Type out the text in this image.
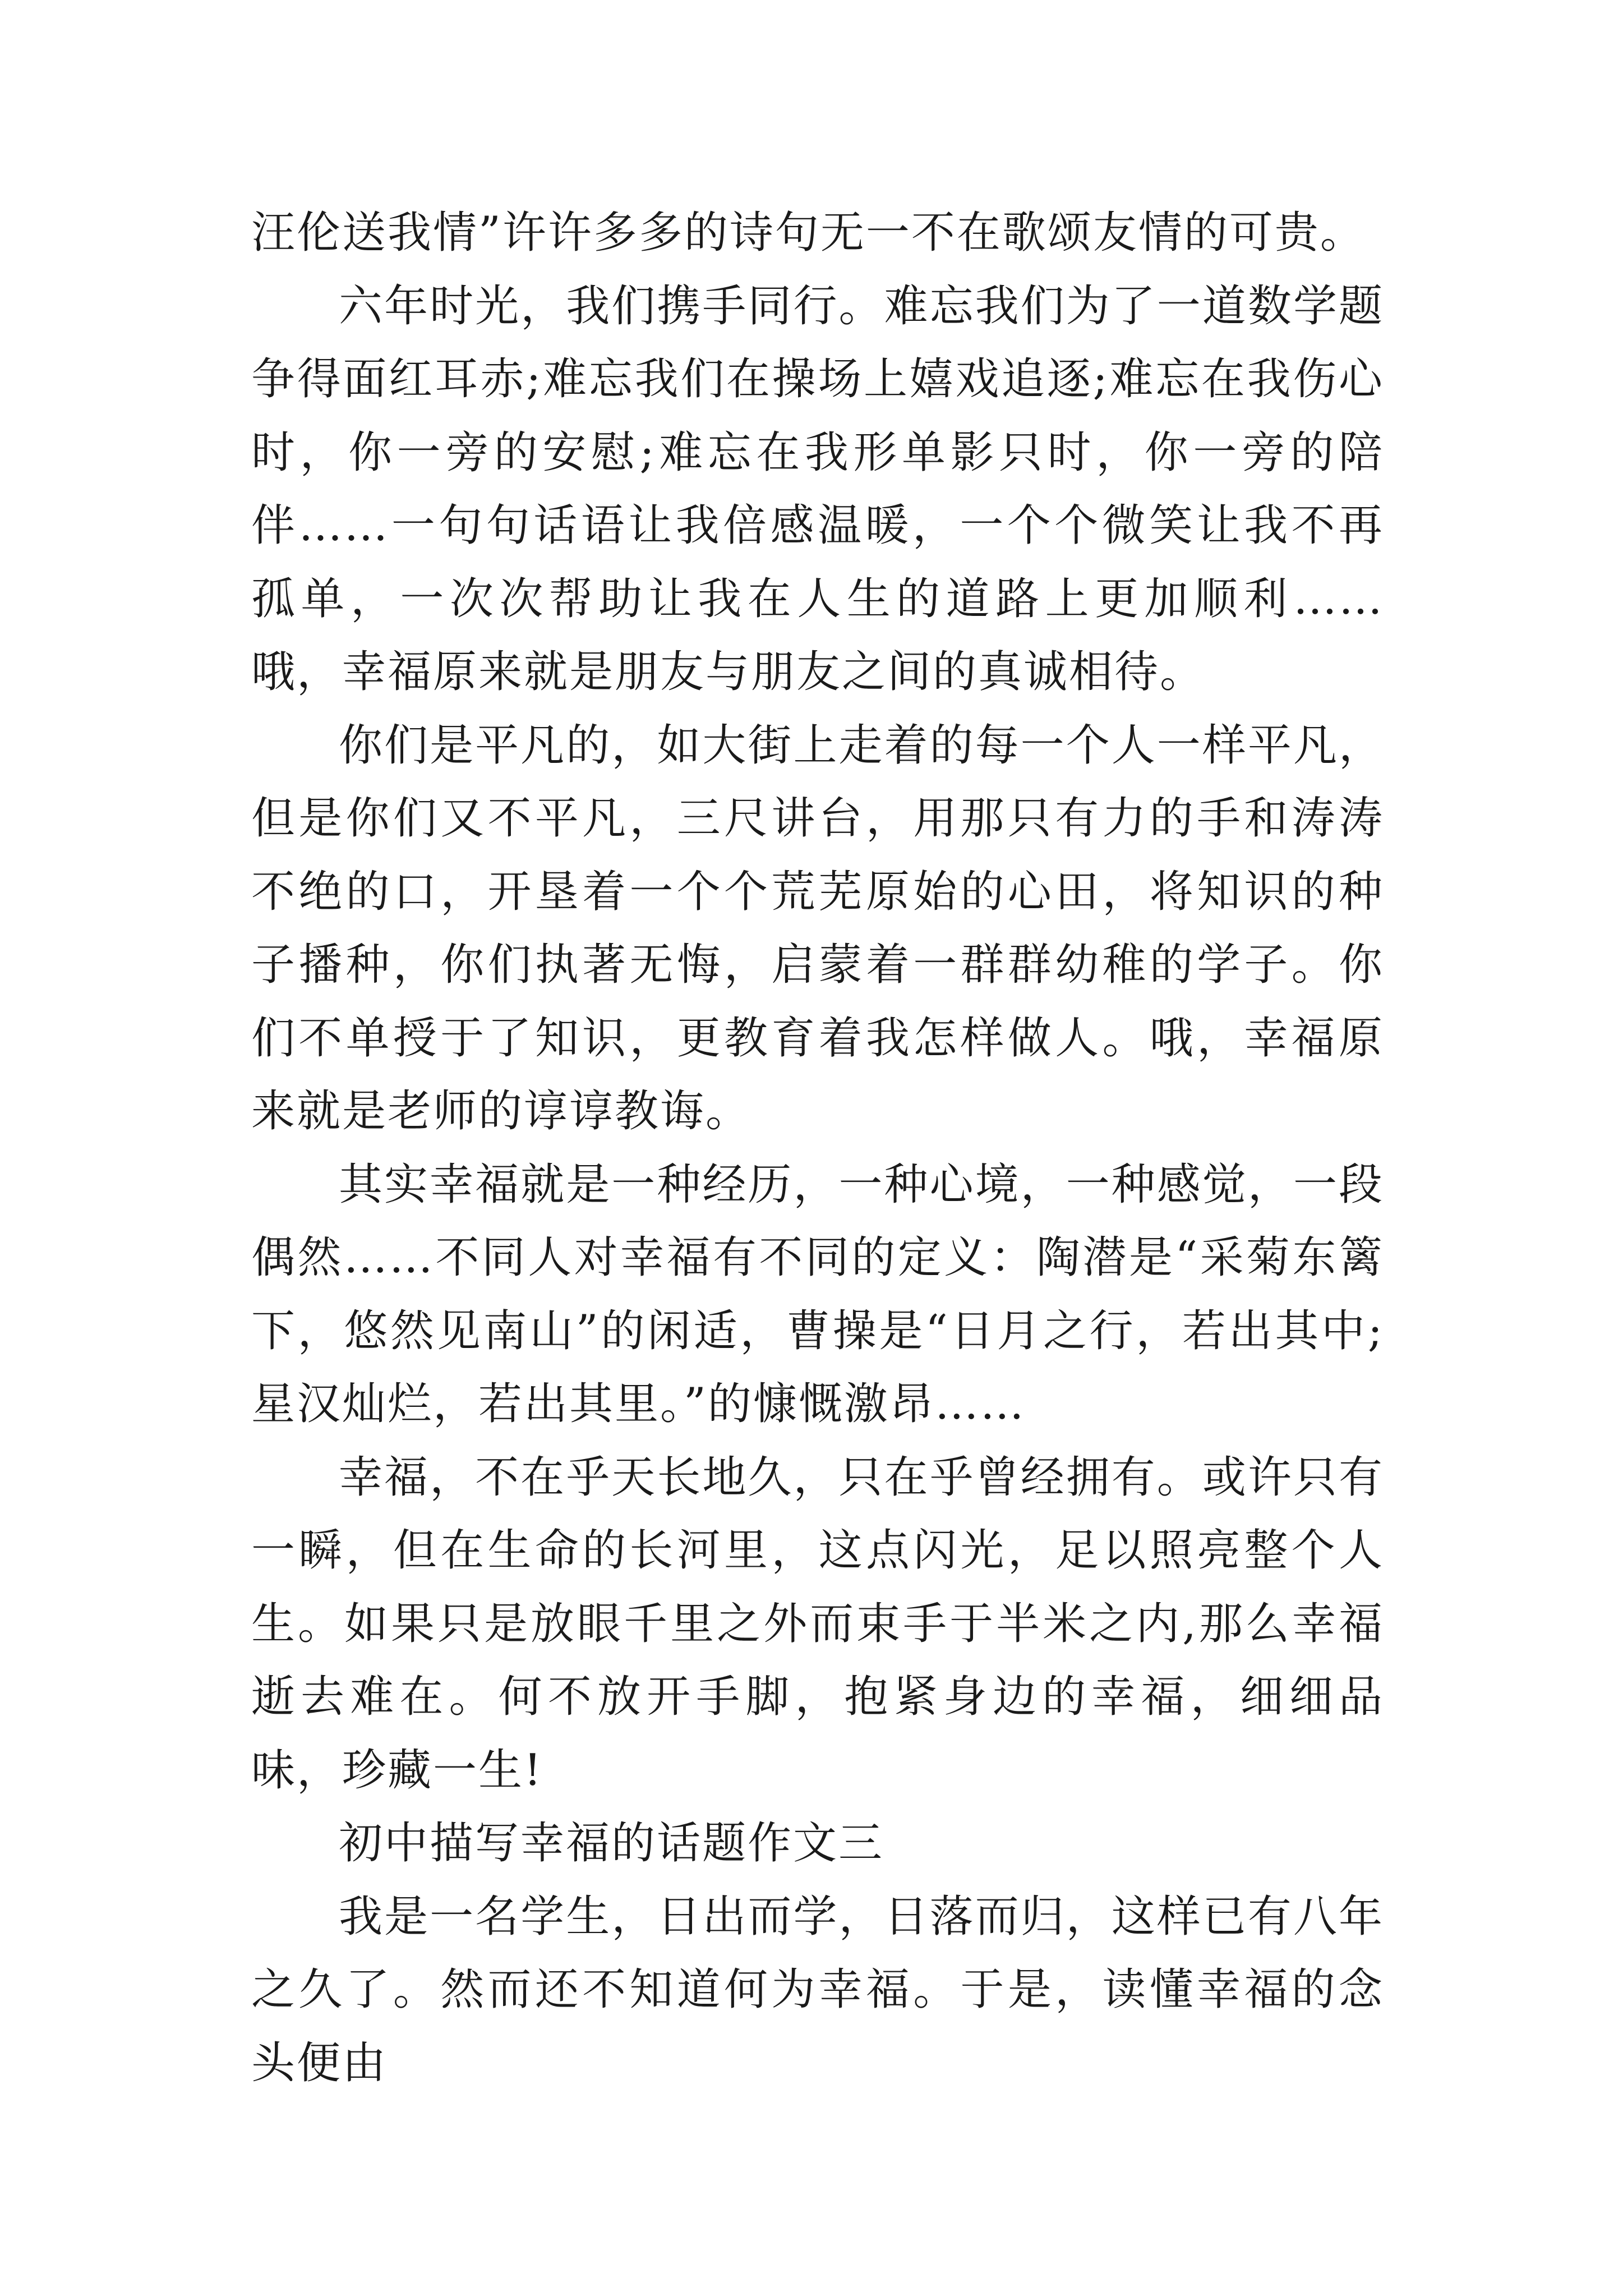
汪伦送我情”许许多多的诗句无一不在歌颂友情的可贵。

六年时光，我们携手同行。难忘我们为了一道数学题争得面红耳赤;难忘我们在操场上嬉戏追逐;难忘在我伤心时，你一旁的安慰;难忘在我形单影只时，你一旁的陪伴……一句句话语让我倍感温暖，一个个微笑让我不再孤单，一次次帮助让我在人生的道路上更加顺利……哦，幸福原来就是朋友与朋友之间的真诚相待。

你们是平凡的，如大街上走着的每一个人一样平凡，但是你们又不平凡，三尺讲台，用那只有力的手和涛涛不绝的口，开垦着一个个荒芜原始的心田，将知识的种子播种，你们执著无悔，启蒙着一群群幼稚的学子。你们不单授于了知识，更教育着我怎样做人。哦，幸福原来就是老师的谆谆教诲。

其实幸福就是一种经历，一种心境，一种感觉，一段偶然……不同人对幸福有不同的定义：陶潜是“采菊东篱下，悠然见南山”的闲适，曹操是“日月之行，若出其中;星汉灿烂，若出其里。”的慷慨激昂……

幸福，不在乎天长地久，只在乎曾经拥有。或许只有一瞬，但在生命的长河里，这点闪光，足以照亮整个人生。如果只是放眼千里之外而束手于半米之内,那么幸福逝去难在。何不放开手脚，抱紧身边的幸福，细细品味，珍藏一生!

初中描写幸福的话题作文三

我是一名学生，日出而学，日落而归，这样已有八年之久了。然而还不知道何为幸福。于是，读懂幸福的念头便由
